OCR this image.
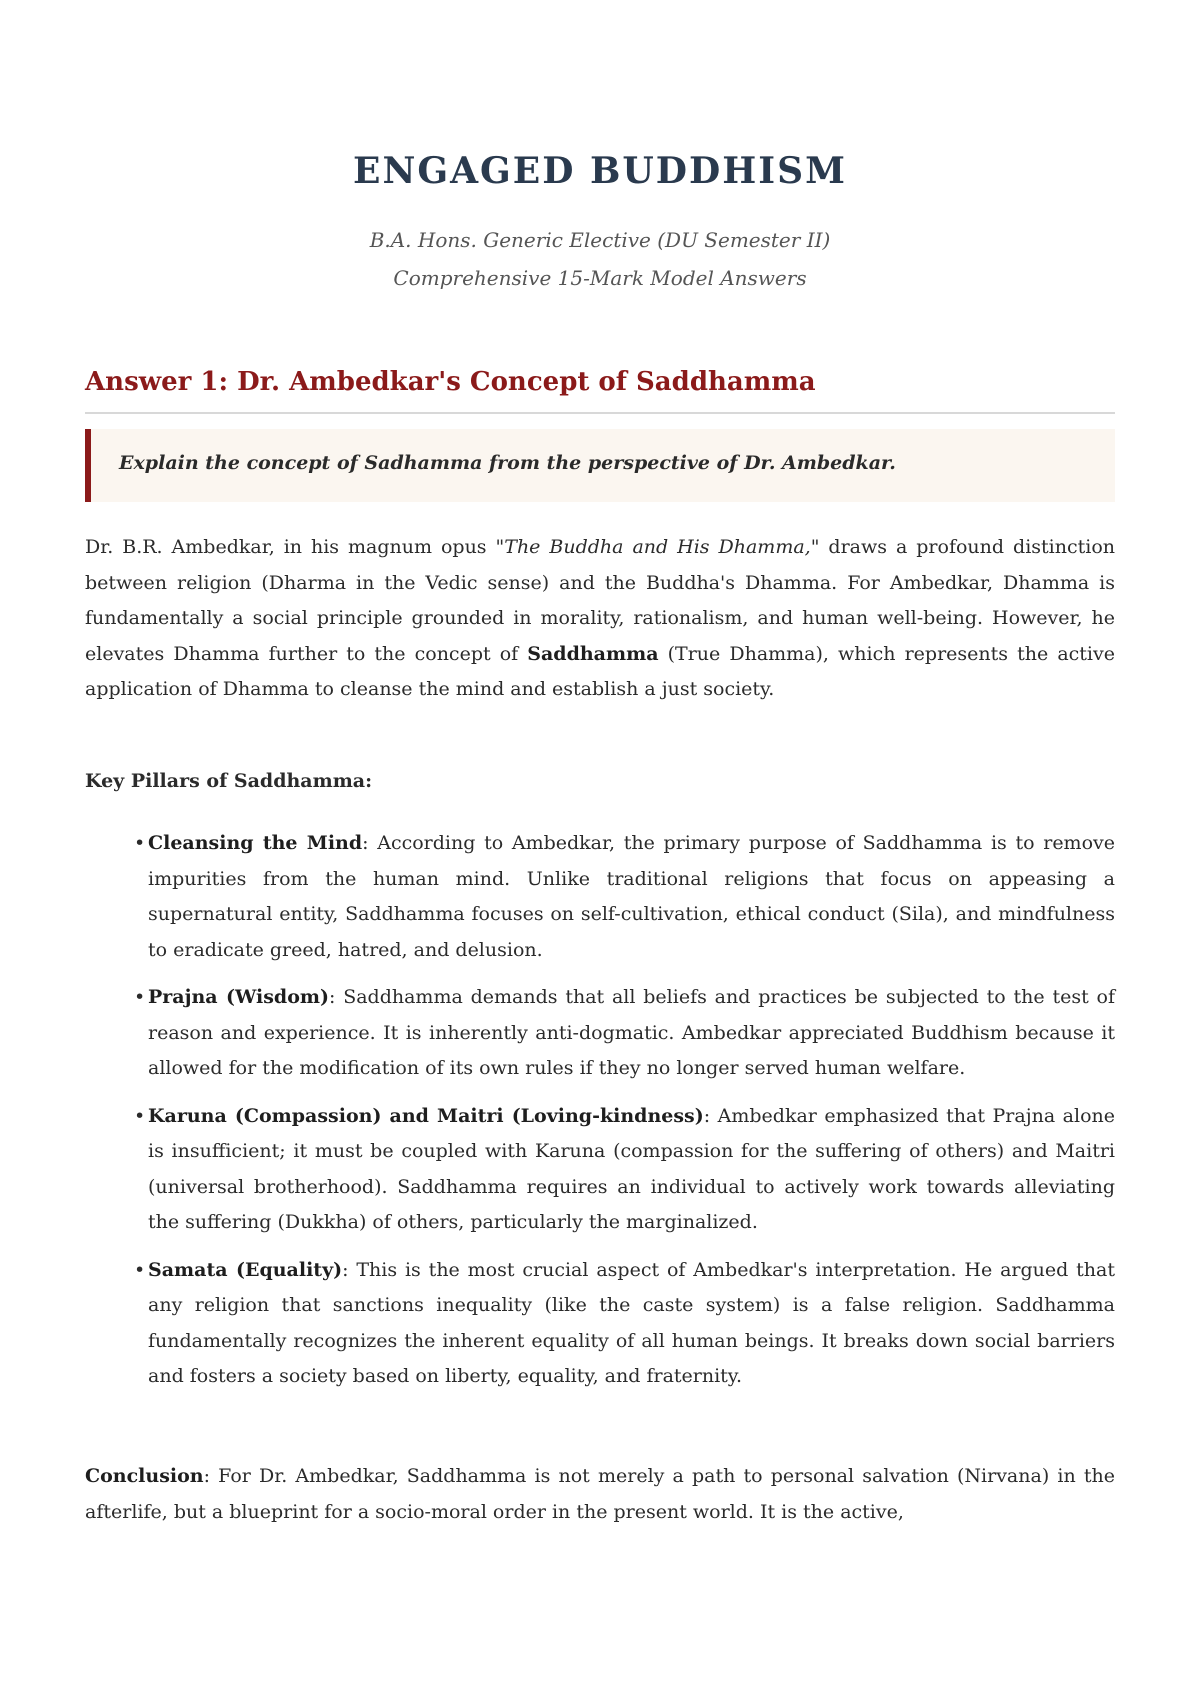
ENGAGED BUDDHISM
B.A. Hons. Generic Elective (DU Semester II)
Comprehensive 15-Mark Model Answers
Answer 1: Dr. Ambedkar's Concept of Saddhamma
Explain the concept of Sadhamma from the perspective of Dr. Ambedkar.

Dr. B.R. Ambedkar, in his magnum opus "The Buddha and His Dhamma," draws a profound distinction between religion (Dharma in the Vedic sense) and the Buddha's Dhamma. For Ambedkar, Dhamma is fundamentally a social principle grounded in morality, rationalism, and human well-being. However, he elevates Dhamma further to the concept of Saddhamma (True Dhamma), which represents the active application of Dhamma to cleanse the mind and establish a just society.

Key Pillars of Saddhamma:
• Cleansing the Mind: According to Ambedkar, the primary purpose of Saddhamma is to remove impurities from the human mind. Unlike traditional religions that focus on appeasing a supernatural entity, Saddhamma focuses on self-cultivation, ethical conduct (Sila), and mindfulness to eradicate greed, hatred, and delusion.
• Prajna (Wisdom): Saddhamma demands that all beliefs and practices be subjected to the test of reason and experience. It is inherently anti-dogmatic. Ambedkar appreciated Buddhism because it allowed for the modification of its own rules if they no longer served human welfare.
• Karuna (Compassion) and Maitri (Loving-kindness): Ambedkar emphasized that Prajna alone is insufficient; it must be coupled with Karuna (compassion for the suffering of others) and Maitri (universal brotherhood). Saddhamma requires an individual to actively work towards alleviating the suffering (Dukkha) of others, particularly the marginalized.
• Samata (Equality): This is the most crucial aspect of Ambedkar's interpretation. He argued that any religion that sanctions inequality (like the caste system) is a false religion. Saddhamma fundamentally recognizes the inherent equality of all human beings. It breaks down social barriers and fosters a society based on liberty, equality, and fraternity.

Conclusion: For Dr. Ambedkar, Saddhamma is not merely a path to personal salvation (Nirvana) in the afterlife, but a blueprint for a socio-moral order in the present world. It is the active,
